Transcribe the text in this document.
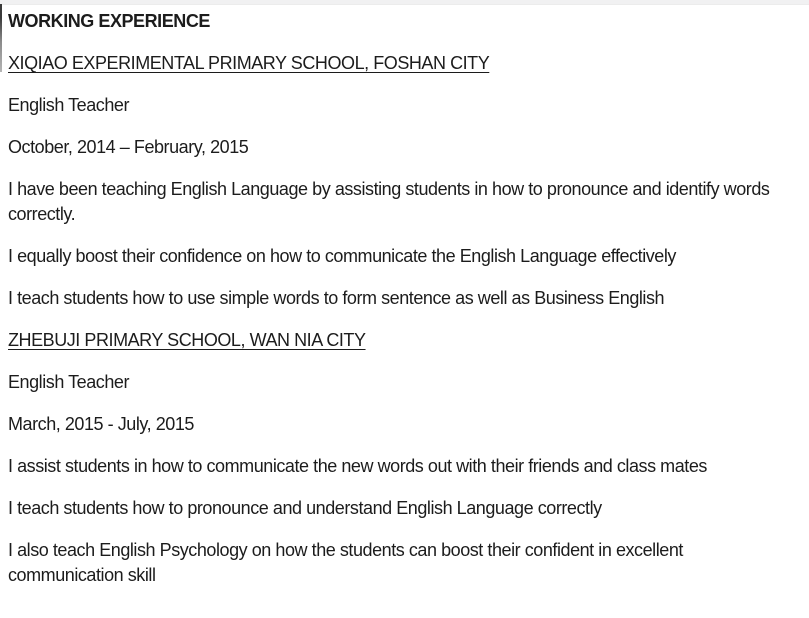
WORKING EXPERIENCE

XIQIAO EXPERIMENTAL PRIMARY SCHOOL, FOSHAN CITY

English Teacher

October, 2014 – February, 2015

I have been teaching English Language by assisting students in how to pronounce and identify words correctly.

I equally boost their confidence on how to communicate the English Language effectively

I teach students how to use simple words to form sentence as well as Business English

ZHEBUJI PRIMARY SCHOOL, WAN NIA CITY

English Teacher

March, 2015 - July, 2015

I assist students in how to communicate the new words out with their friends and class mates

I teach students how to pronounce and understand English Language correctly

I also teach English Psychology on how the students can boost their confident in excellent communication skill
